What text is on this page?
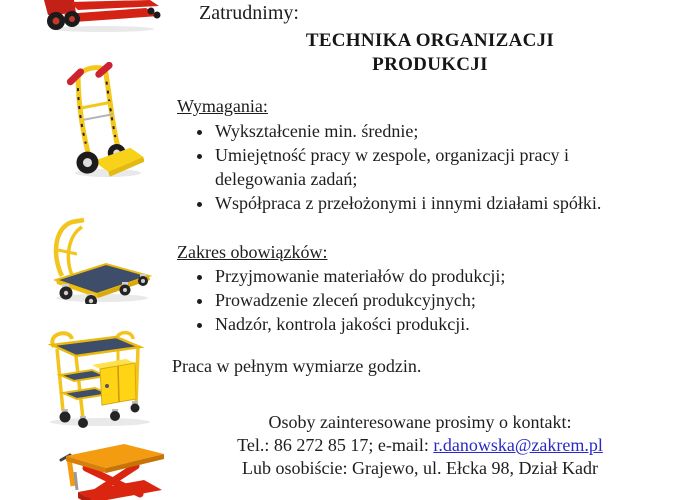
Zatrudnimy:
TECHNIKA ORGANIZACJI
PRODUKCJI
Wymagania:
• Wykształcenie min. średnie;
• Umiejętność pracy w zespole, organizacji pracy i delegowania zadań;
• Współpraca z przełożonymi i innymi działami spółki.
Zakres obowiązków:
• Przyjmowanie materiałów do produkcji;
• Prowadzenie zleceń produkcyjnych;
• Nadzór, kontrola jakości produkcji.
Praca w pełnym wymiarze godzin.
Osoby zainteresowane prosimy o kontakt:
Tel.: 86 272 85 17; e-mail: r.danowska@zakrem.pl
Lub osobiście: Grajewo, ul. Ełcka 98, Dział Kadr
